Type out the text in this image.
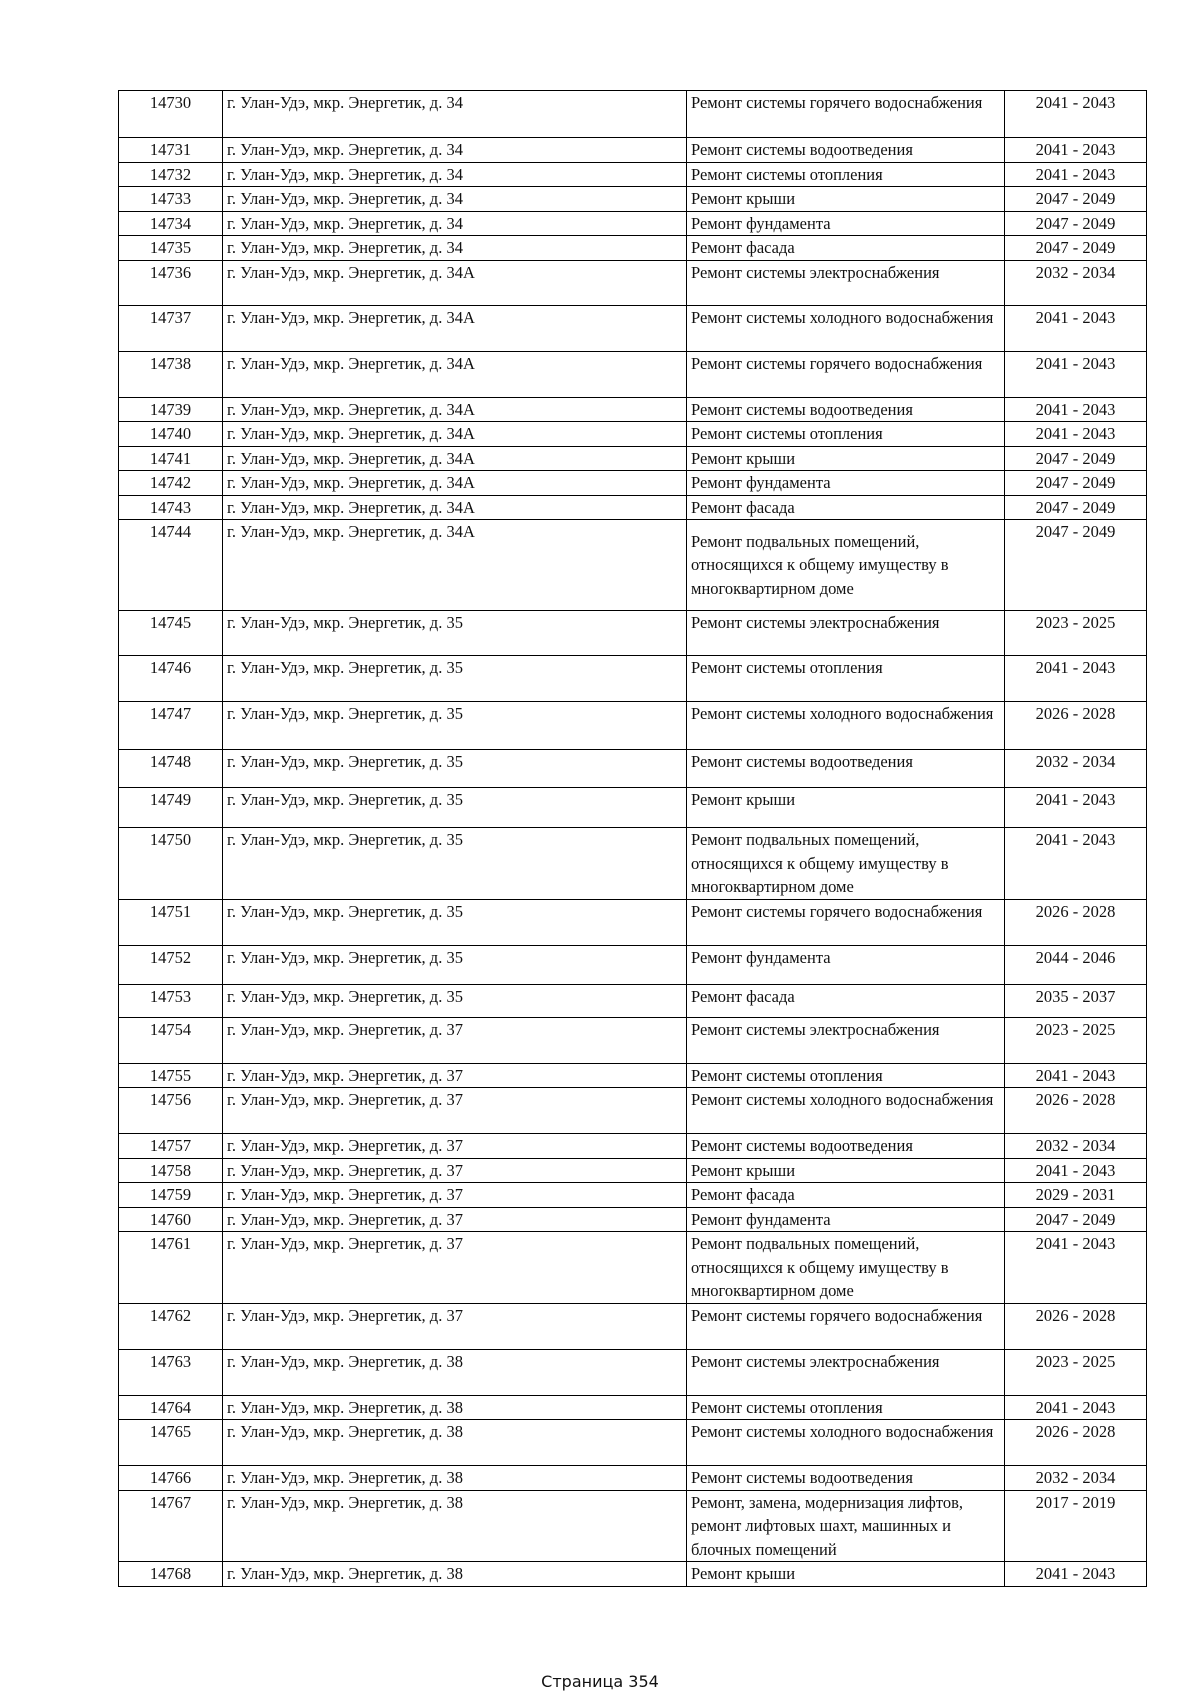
14730	г. Улан-Удэ, мкр. Энергетик, д. 34	Ремонт системы горячего водоснабжения	2041 - 2043
14731	г. Улан-Удэ, мкр. Энергетик, д. 34	Ремонт системы водоотведения	2041 - 2043
14732	г. Улан-Удэ, мкр. Энергетик, д. 34	Ремонт системы отопления	2041 - 2043
14733	г. Улан-Удэ, мкр. Энергетик, д. 34	Ремонт крыши	2047 - 2049
14734	г. Улан-Удэ, мкр. Энергетик, д. 34	Ремонт фундамента	2047 - 2049
14735	г. Улан-Удэ, мкр. Энергетик, д. 34	Ремонт фасада	2047 - 2049
14736	г. Улан-Удэ, мкр. Энергетик, д. 34А	Ремонт системы электроснабжения	2032 - 2034
14737	г. Улан-Удэ, мкр. Энергетик, д. 34А	Ремонт системы холодного водоснабжения	2041 - 2043
14738	г. Улан-Удэ, мкр. Энергетик, д. 34А	Ремонт системы горячего водоснабжения	2041 - 2043
14739	г. Улан-Удэ, мкр. Энергетик, д. 34А	Ремонт системы водоотведения	2041 - 2043
14740	г. Улан-Удэ, мкр. Энергетик, д. 34А	Ремонт системы отопления	2041 - 2043
14741	г. Улан-Удэ, мкр. Энергетик, д. 34А	Ремонт крыши	2047 - 2049
14742	г. Улан-Удэ, мкр. Энергетик, д. 34А	Ремонт фундамента	2047 - 2049
14743	г. Улан-Удэ, мкр. Энергетик, д. 34А	Ремонт фасада	2047 - 2049
14744	г. Улан-Удэ, мкр. Энергетик, д. 34А	Ремонт подвальных помещений, относящихся к общему имуществу в многоквартирном доме	2047 - 2049
14745	г. Улан-Удэ, мкр. Энергетик, д. 35	Ремонт системы электроснабжения	2023 - 2025
14746	г. Улан-Удэ, мкр. Энергетик, д. 35	Ремонт системы отопления	2041 - 2043
14747	г. Улан-Удэ, мкр. Энергетик, д. 35	Ремонт системы холодного водоснабжения	2026 - 2028
14748	г. Улан-Удэ, мкр. Энергетик, д. 35	Ремонт системы водоотведения	2032 - 2034
14749	г. Улан-Удэ, мкр. Энергетик, д. 35	Ремонт крыши	2041 - 2043
14750	г. Улан-Удэ, мкр. Энергетик, д. 35	Ремонт подвальных помещений, относящихся к общему имуществу в многоквартирном доме	2041 - 2043
14751	г. Улан-Удэ, мкр. Энергетик, д. 35	Ремонт системы горячего водоснабжения	2026 - 2028
14752	г. Улан-Удэ, мкр. Энергетик, д. 35	Ремонт фундамента	2044 - 2046
14753	г. Улан-Удэ, мкр. Энергетик, д. 35	Ремонт фасада	2035 - 2037
14754	г. Улан-Удэ, мкр. Энергетик, д. 37	Ремонт системы электроснабжения	2023 - 2025
14755	г. Улан-Удэ, мкр. Энергетик, д. 37	Ремонт системы отопления	2041 - 2043
14756	г. Улан-Удэ, мкр. Энергетик, д. 37	Ремонт системы холодного водоснабжения	2026 - 2028
14757	г. Улан-Удэ, мкр. Энергетик, д. 37	Ремонт системы водоотведения	2032 - 2034
14758	г. Улан-Удэ, мкр. Энергетик, д. 37	Ремонт крыши	2041 - 2043
14759	г. Улан-Удэ, мкр. Энергетик, д. 37	Ремонт фасада	2029 - 2031
14760	г. Улан-Удэ, мкр. Энергетик, д. 37	Ремонт фундамента	2047 - 2049
14761	г. Улан-Удэ, мкр. Энергетик, д. 37	Ремонт подвальных помещений, относящихся к общему имуществу в многоквартирном доме	2041 - 2043
14762	г. Улан-Удэ, мкр. Энергетик, д. 37	Ремонт системы горячего водоснабжения	2026 - 2028
14763	г. Улан-Удэ, мкр. Энергетик, д. 38	Ремонт системы электроснабжения	2023 - 2025
14764	г. Улан-Удэ, мкр. Энергетик, д. 38	Ремонт системы отопления	2041 - 2043
14765	г. Улан-Удэ, мкр. Энергетик, д. 38	Ремонт системы холодного водоснабжения	2026 - 2028
14766	г. Улан-Удэ, мкр. Энергетик, д. 38	Ремонт системы водоотведения	2032 - 2034
14767	г. Улан-Удэ, мкр. Энергетик, д. 38	Ремонт, замена, модернизация лифтов, ремонт лифтовых шахт, машинных и блочных помещений	2017 - 2019
14768	г. Улан-Удэ, мкр. Энергетик, д. 38	Ремонт крыши	2041 - 2043
Страница 354
